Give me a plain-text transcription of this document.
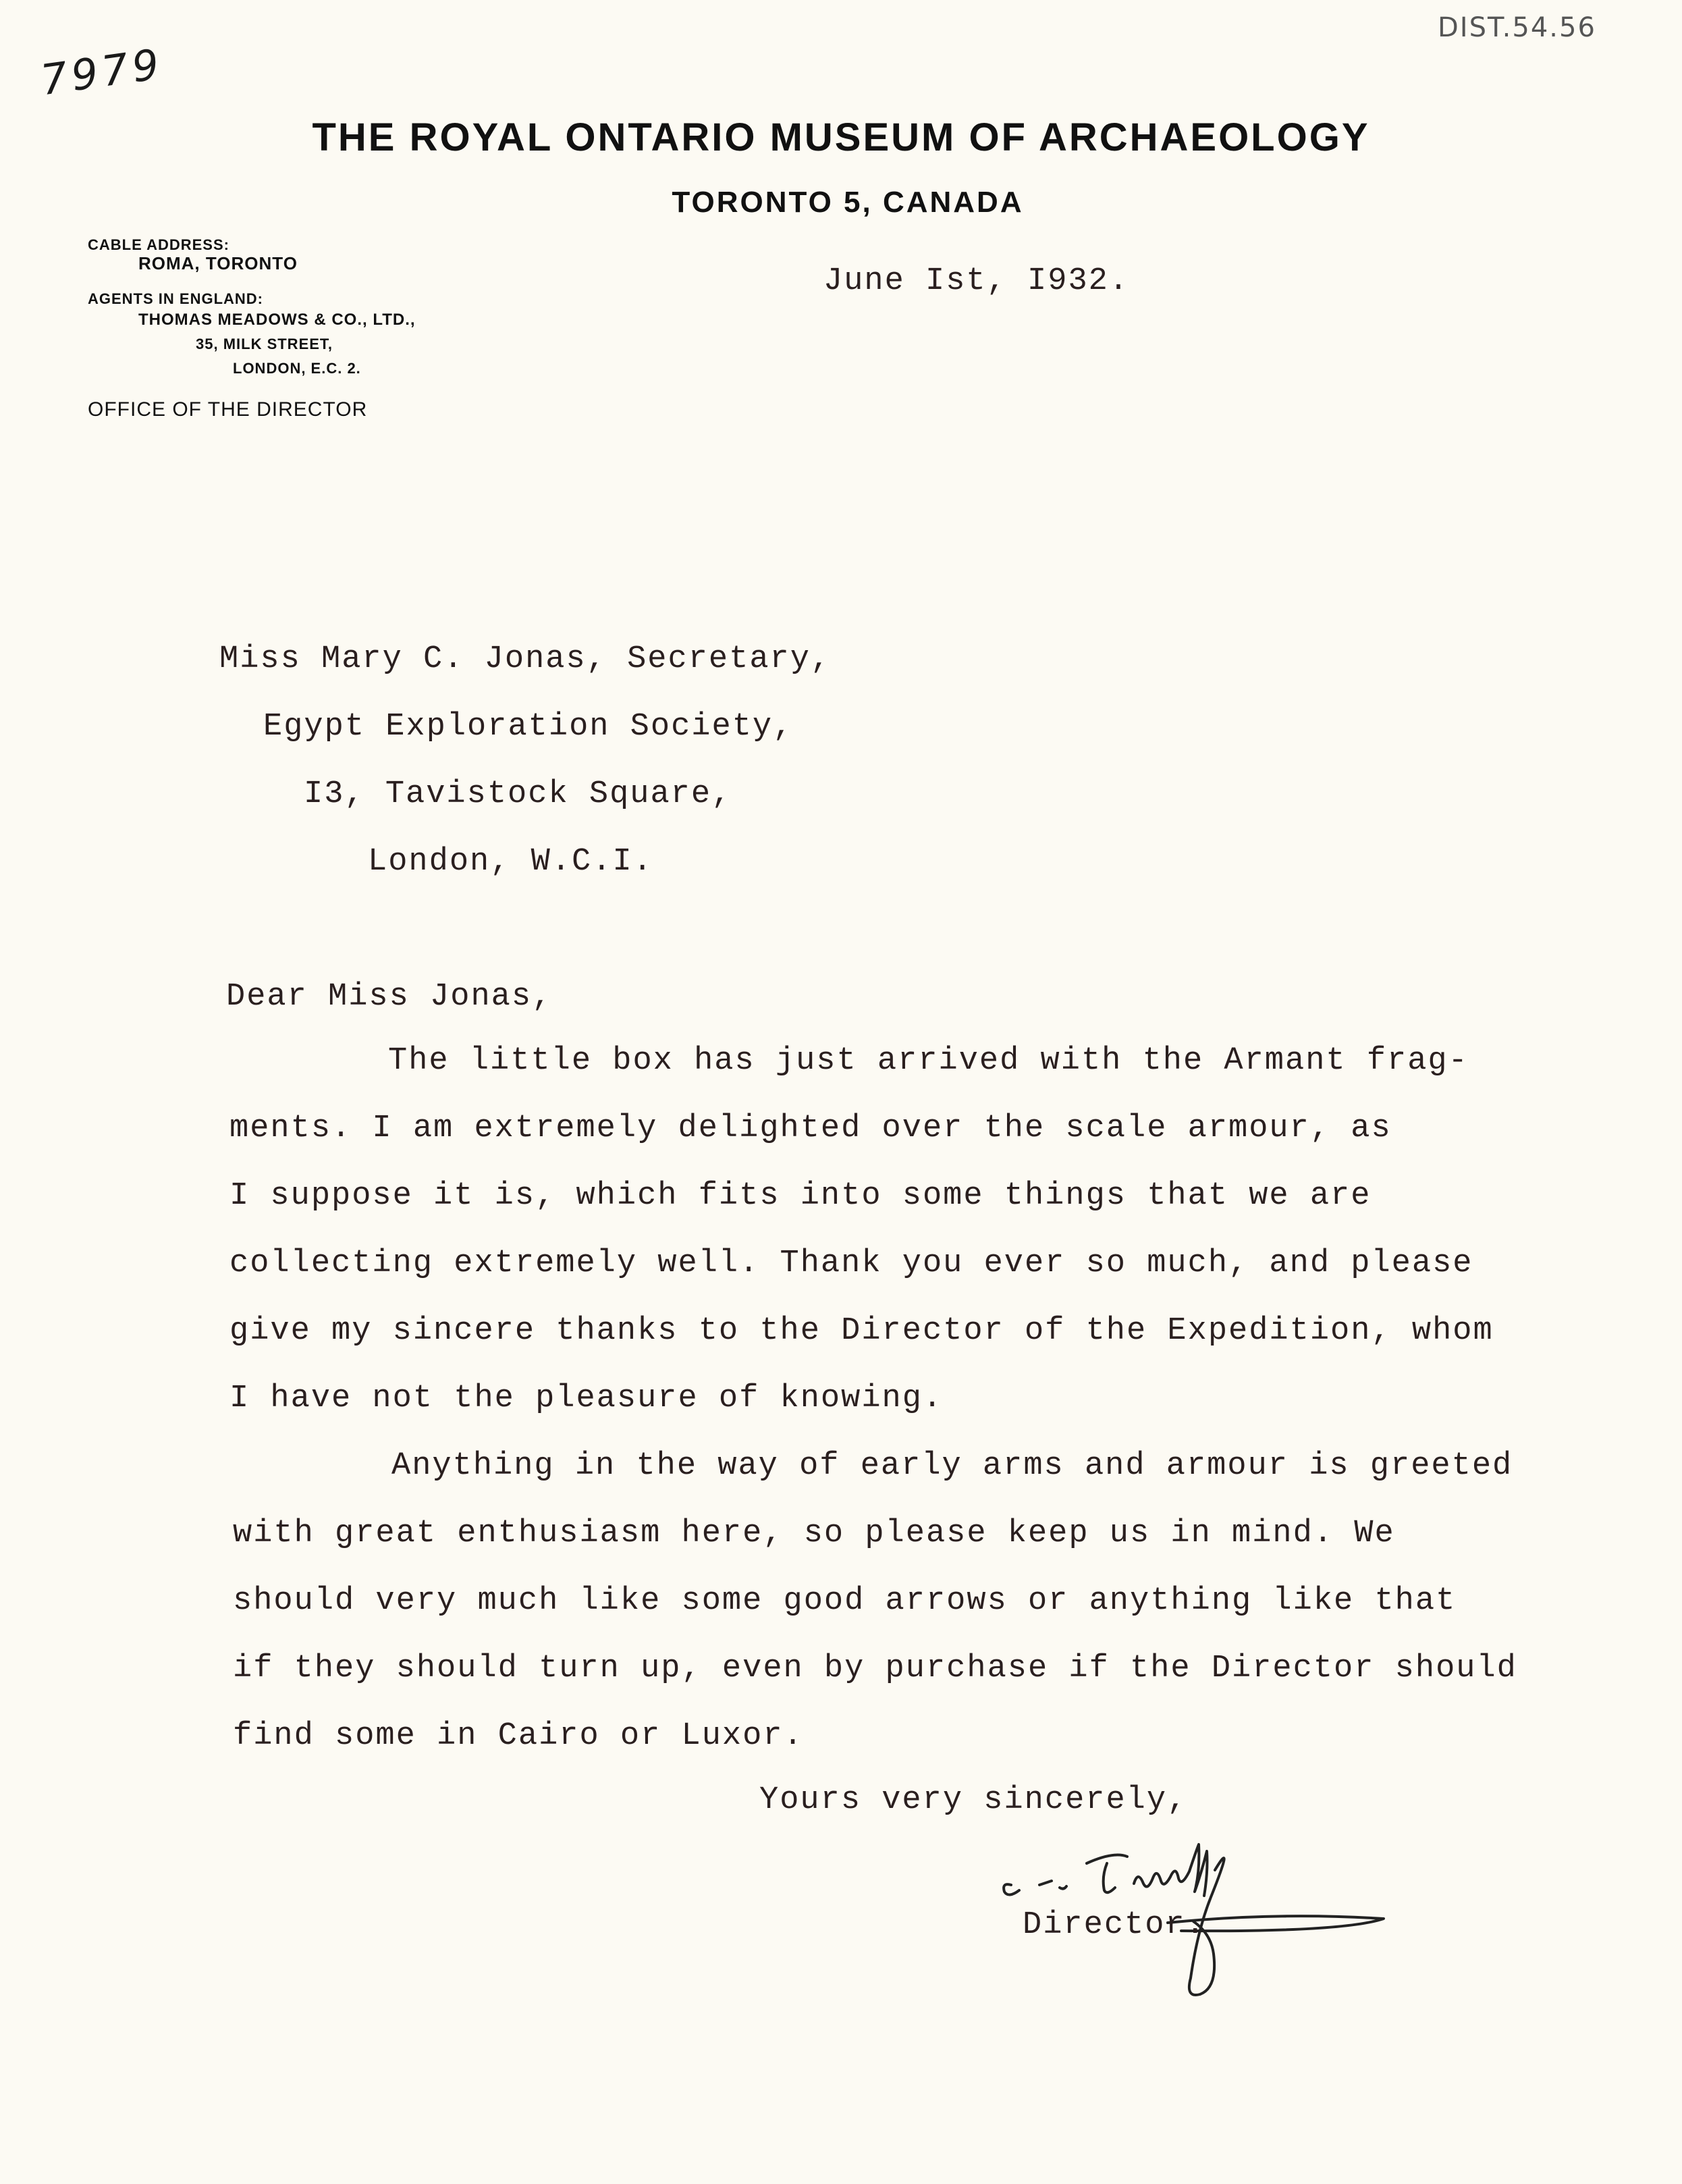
7979
DIST.54.56
THE ROYAL ONTARIO MUSEUM OF ARCHAEOLOGY
TORONTO 5, CANADA
CABLE ADDRESS:
ROMA, TORONTO
AGENTS IN ENGLAND:
THOMAS MEADOWS & CO., LTD.,
35, MILK STREET,
LONDON, E.C. 2.
OFFICE OF THE DIRECTOR
June Ist, I932.
Miss Mary C. Jonas, Secretary,
Egypt Exploration Society,
I3, Tavistock Square,
London, W.C.I.
Dear Miss Jonas,
The little box has just arrived with the Armant frag-
ments. I am extremely delighted over the scale armour, as
I suppose it is, which fits into some things that we are
collecting extremely well. Thank you ever so much, and please
give my sincere thanks to the Director of the Expedition, whom
I have not the pleasure of knowing.
Anything in the way of early arms and armour is greeted
with great enthusiasm here, so please keep us in mind. We
should very much like some good arrows or anything like that
if they should turn up, even by purchase if the Director should
find some in Cairo or Luxor.
Yours very sincerely,
Director.
